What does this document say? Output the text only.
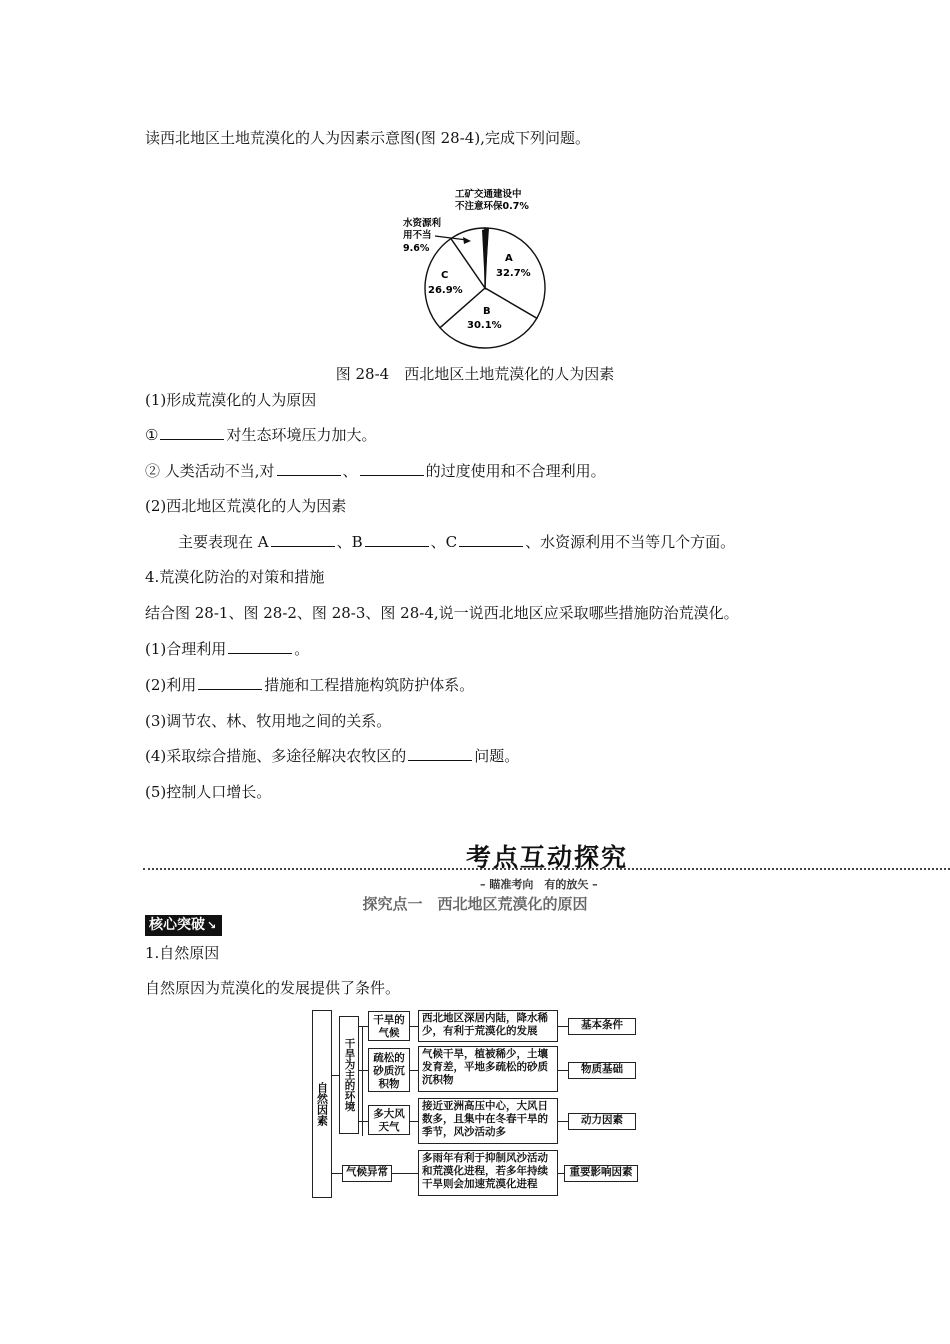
读西北地区土地荒漠化的人为因素示意图(图 28-4),完成下列问题。
工矿交通建设中
不注意环保0.7%
水资源利
用不当
9.6%
A
32.7%
B
30.1%
C
26.9%
图 28-4　 西北地区土地荒漠化的人为因素
(1)形成荒漠化的人为原因
①	对生态环境压力加大。
② 人类活动不当,对	、	的过度使用和不合理利用。
(2)西北地区荒漠化的人为因素
主要表现在 A	、B	、C	、水资源利用不当等几个方面。
4.荒漠化防治的对策和措施
结合图 28-1、图 28-2、图 28-3、图 28-4,说一说西北地区应采取哪些措施防治荒漠化。
(1)合理利用	。
(2)利用	措施和工程措施构筑防护体系。
(3)调节农、林、牧用地之间的关系。
(4)采取综合措施、多途径解决农牧区的	问题。
(5)控制人口增长。
考点互动探究
– 瞄准考向　有的放矢 –
探究点一　西北地区荒漠化的原因
核心突破 ↘
1.自然原因
自然原因为荒漠化的发展提供了条件。
自然因素	干旱为主的环境
干旱的气候
疏松的砂质沉积物
多大风天气
气候异常
西北地区深居内陆，降水稀少，有利于荒漠化的发展
气候干旱，植被稀少，土壤发育差，平地多疏松的砂质沉积物
接近亚洲高压中心，大风日数多，且集中在冬春干旱的季节，风沙活动多
多雨年有利于抑制风沙活动和荒漠化进程，若多年持续干旱则会加速荒漠化进程
基本条件
物质基础
动力因素
重要影响因素
